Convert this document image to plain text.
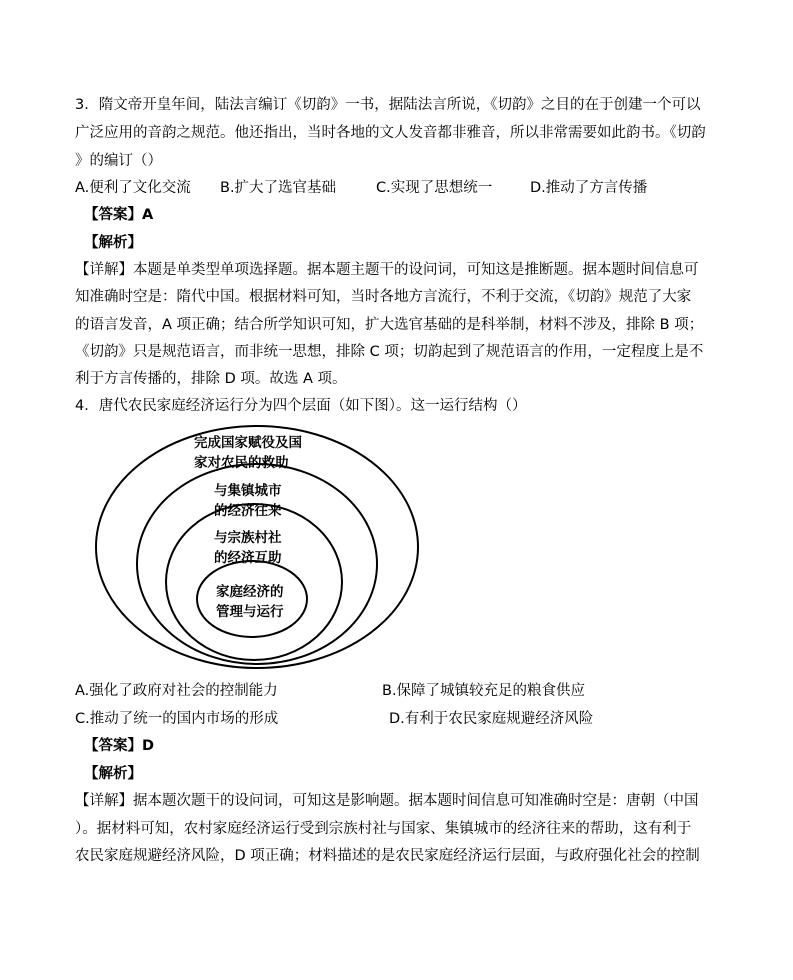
3．隋文帝开皇年间，陆法言编订《切韵》一书，据陆法言所说，《切韵》之目的在于创建一个可以
广泛应用的音韵之规范。他还指出，当时各地的文人发音都非雅音，所以非常需要如此韵书。《切韵
》的编订（）
A.便利了文化交流 B.扩大了选官基础	C.实现了思想统一	D.推动了方言传播
【答案】A
【解析】
【详解】本题是单类型单项选择题。据本题主题干的设问词，可知这是推断题。据本题时间信息可
知准确时空是：隋代中国。根据材料可知，当时各地方言流行，不利于交流，《切韵》规范了大家
的语言发音，A 项正确；结合所学知识可知，扩大选官基础的是科举制，材料不涉及，排除 B 项；
《切韵》只是规范语言，而非统一思想，排除 C 项；切韵起到了规范语言的作用，一定程度上是不
利于方言传播的，排除 D 项。故选 A 项。
4．唐代农民家庭经济运行分为四个层面（如下图）。这一运行结构（）
完成国家赋役及国
家对农民的救助
与集镇城市
的经济往来
与宗族村社
的经济互助
家庭经济的
管理与运行
A.强化了政府对社会的控制能力	B.保障了城镇较充足的粮食供应
C.推动了统一的国内市场的形成	D.有利于农民家庭规避经济风险
【答案】D
【解析】
【详解】据本题次题干的设问词，可知这是影响题。据本题时间信息可知准确时空是：唐朝（中国
）。据材料可知，农村家庭经济运行受到宗族村社与国家、集镇城市的经济往来的帮助，这有利于
农民家庭规避经济风险，D 项正确；材料描述的是农民家庭经济运行层面，与政府强化社会的控制
